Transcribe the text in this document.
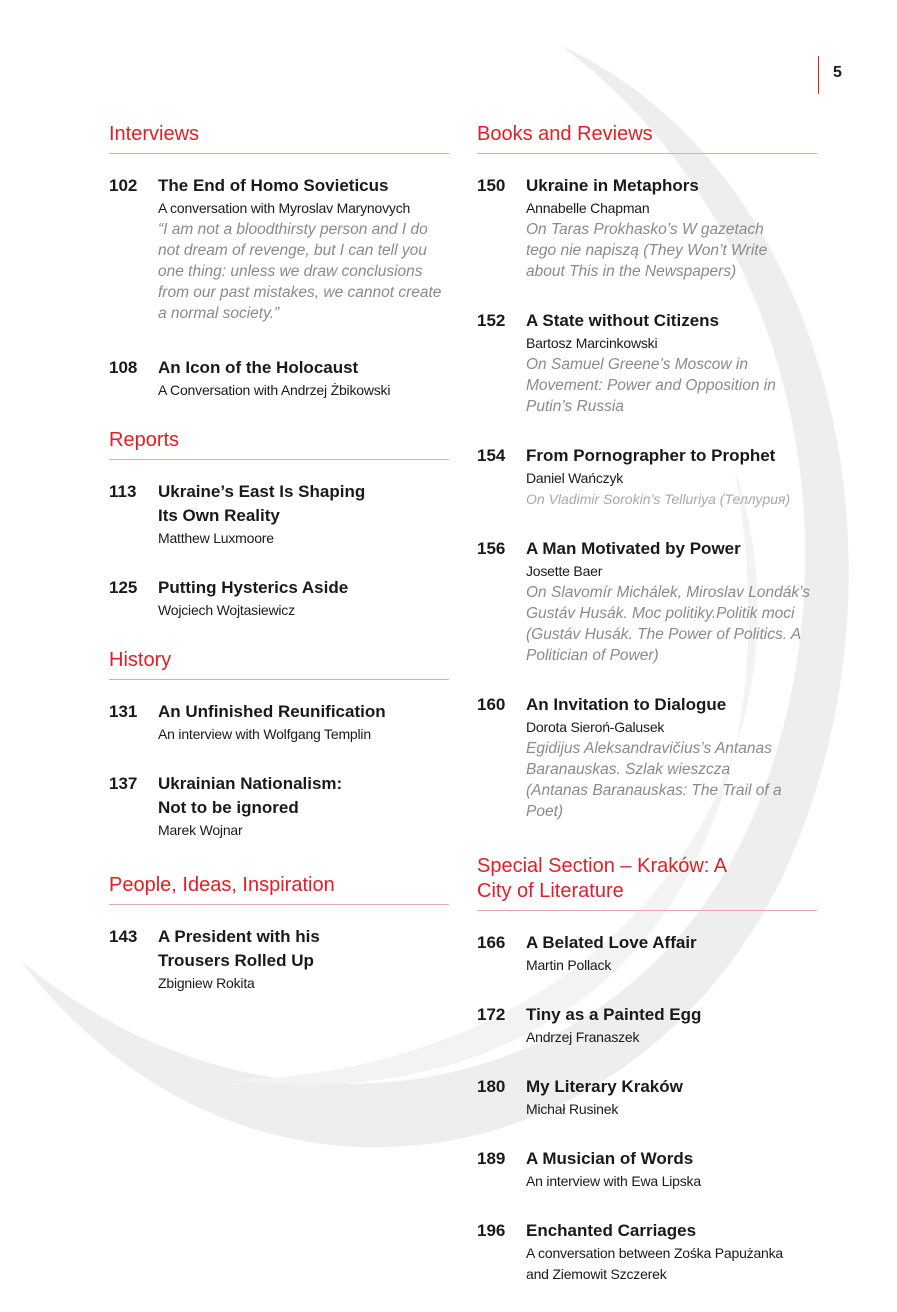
5
Interviews
102	The End of Homo Sovieticus
A conversation with Myroslav Marynovych
“I am not a bloodthirsty person and I do not dream of revenge, but I can tell you one thing: unless we draw conclusions from our past mistakes, we cannot create a normal society.”
108	An Icon of the Holocaust
A Conversation with Andrzej Żbikowski
Reports
113	Ukraine’s East Is Shaping Its Own Reality
Matthew Luxmoore
125	Putting Hysterics Aside
Wojciech Wojtasiewicz
History
131	An Unfinished Reunification
An interview with Wolfgang Templin
137	Ukrainian Nationalism: Not to be ignored
Marek Wojnar
People, Ideas, Inspiration
143	A President with his Trousers Rolled Up
Zbigniew Rokita
Books and Reviews
150	Ukraine in Metaphors
Annabelle Chapman
On Taras Prokhasko’s W gazetach tego nie napiszą (They Won’t Write about This in the Newspapers)
152	A State without Citizens
Bartosz Marcinkowski
On Samuel Greene’s Moscow in Movement: Power and Opposition in Putin’s Russia
154	From Pornographer to Prophet
Daniel Wańczyk
On Vladimir Sorokin’s Telluriya (Теллурия)
156	A Man Motivated by Power
Josette Baer
On Slavomír Michálek, Miroslav Londák’s Gustáv Husák. Moc politiky.Politik moci (Gustáv Husák. The Power of Politics. A Politician of Power)
160	An Invitation to Dialogue
Dorota Sieroń-Galusek
Egidijus Aleksandravičius’s Antanas Baranauskas. Szlak wieszcza (Antanas Baranauskas: The Trail of a Poet)
Special Section – Kraków: A City of Literature
166	A Belated Love Affair
Martin Pollack
172	Tiny as a Painted Egg
Andrzej Franaszek
180	My Literary Kraków
Michał Rusinek
189	A Musician of Words
An interview with Ewa Lipska
196	Enchanted Carriages
A conversation between Zośka Papużanka and Ziemowit Szczerek
